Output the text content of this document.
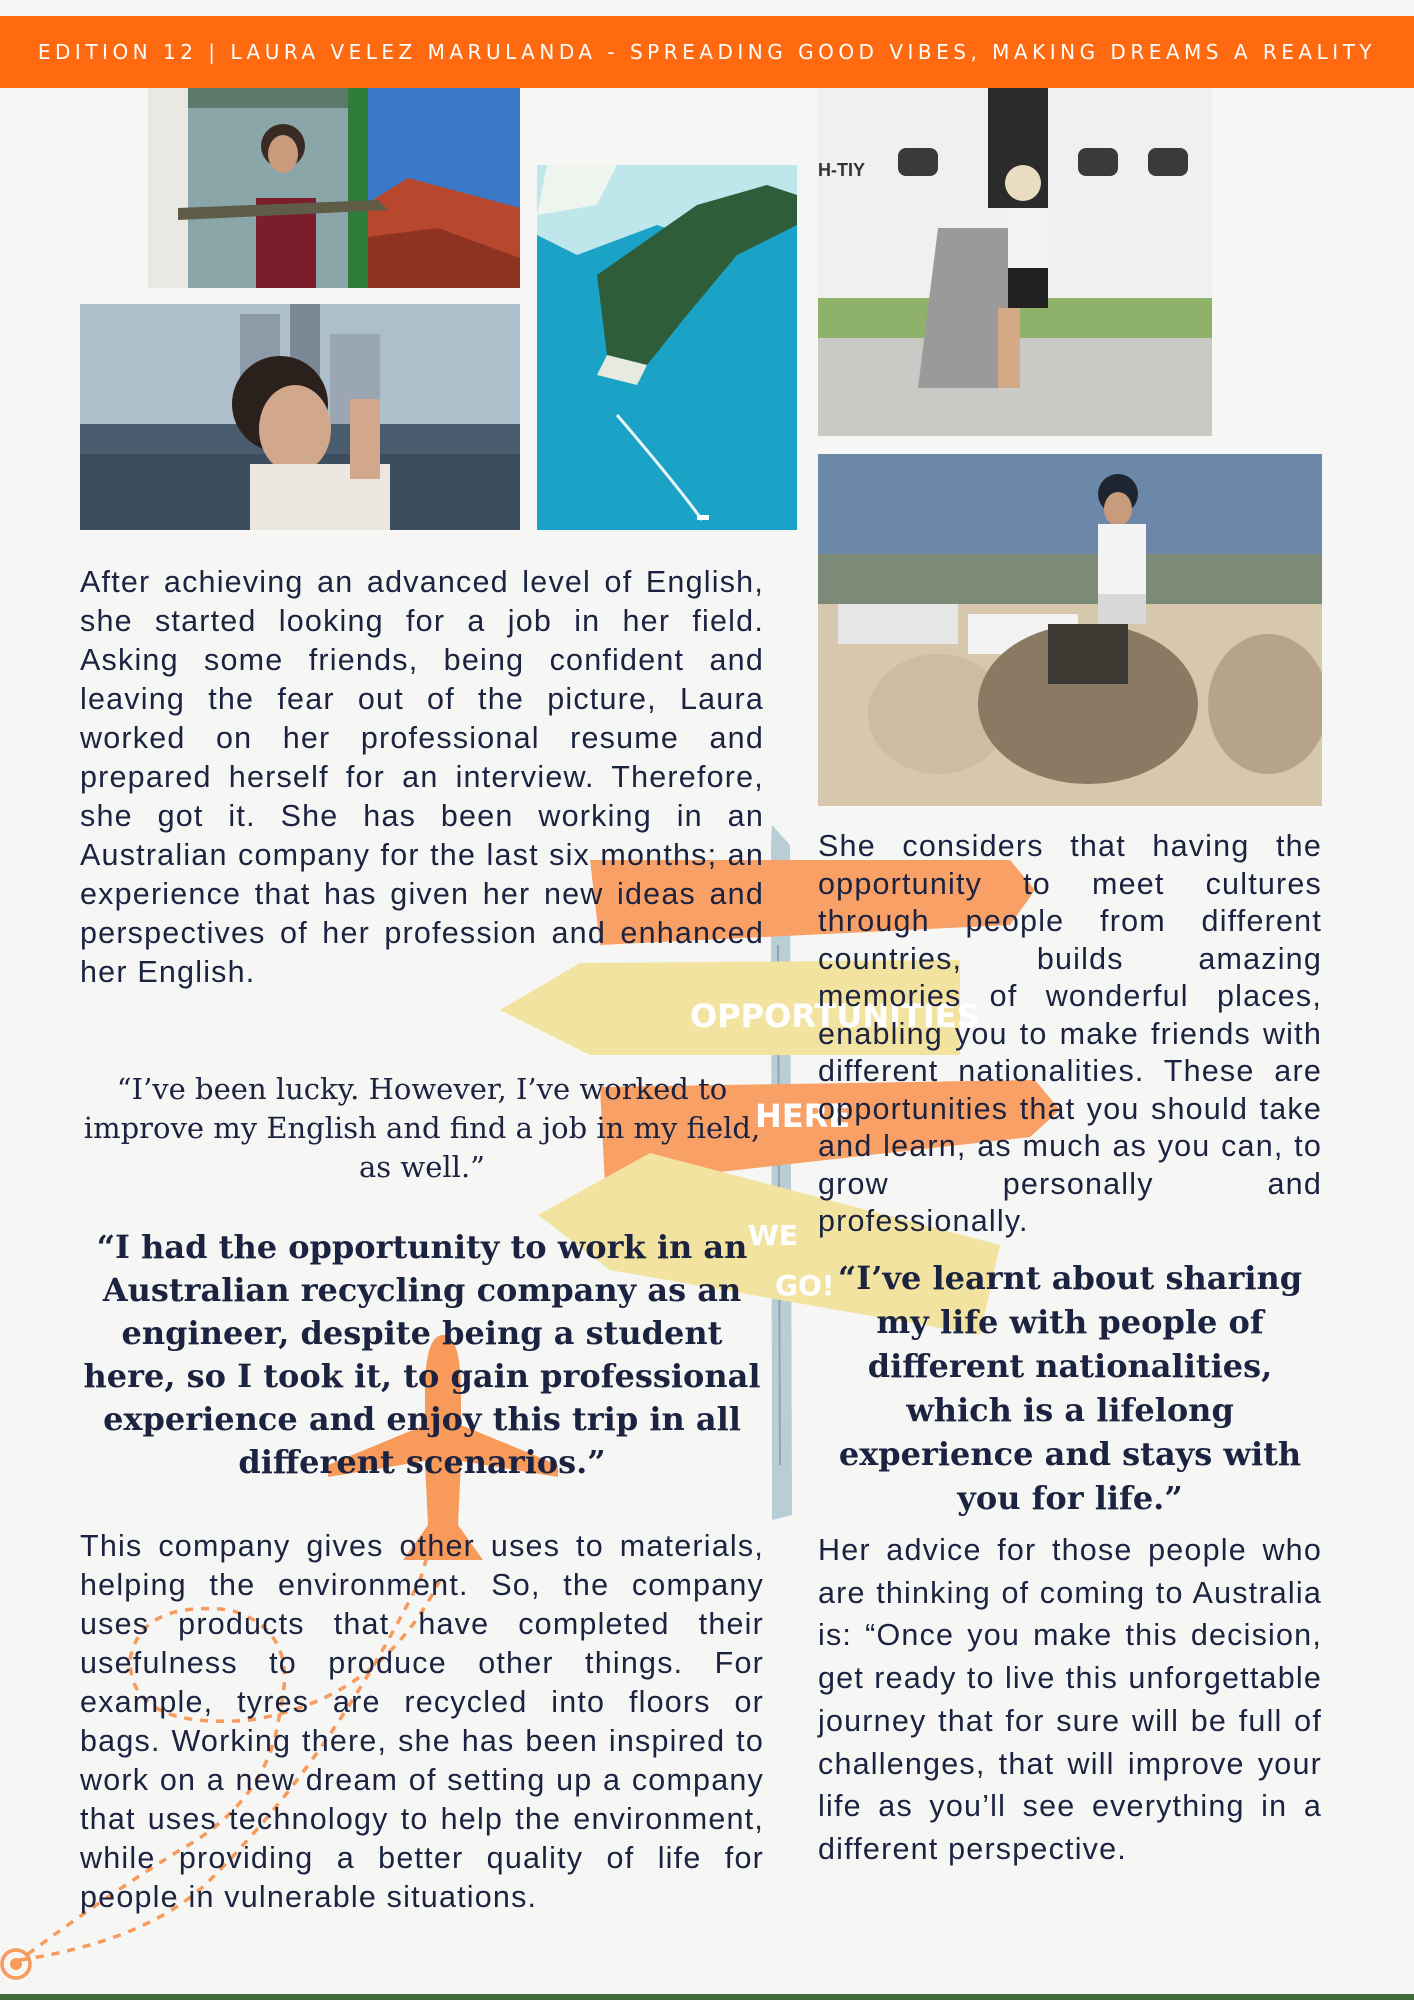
EDITION 12 | LAURA VELEZ MARULANDA - SPREADING GOOD VIBES, MAKING DREAMS A REALITY
H-TIY
OPPORTUNITIES
HERE
WE
GO!

After achieving an advanced level of English, she started looking for a job in her field. Asking some friends, being confident and leaving the fear out of the picture, Laura worked on her professional resume and prepared herself for an interview. Therefore, she got it. She has been working in an Australian company for the last six months; an experience that has given her new ideas and perspectives of her profession and enhanced her English.

“I’ve been lucky. However, I’ve worked to improve my English and find a job in my field, as well.”

“I had the opportunity to work in an Australian recycling company as an engineer, despite being a student here, so I took it, to gain professional experience and enjoy this trip in all different scenarios.”

This company gives other uses to materials, helping the environment. So, the company uses products that have completed their usefulness to produce other things. For example, tyres are recycled into floors or bags. Working there, she has been inspired to work on a new dream of setting up a company that uses technology to help the environment, while providing a better quality of life for people in vulnerable situations.

She considers that having the opportunity to meet cultures through people from different countries, builds amazing memories of wonderful places, enabling you to make friends with different nationalities. These are opportunities that you should take and learn, as much as you can, to grow personally and professionally.

“I’ve learnt about sharing my life with people of different nationalities, which is a lifelong experience and stays with you for life.”

Her advice for those people who are thinking of coming to Australia is: “Once you make this decision, get ready to live this unforgettable journey that for sure will be full of challenges, that will improve your life as you’ll see everything in a different perspective.
